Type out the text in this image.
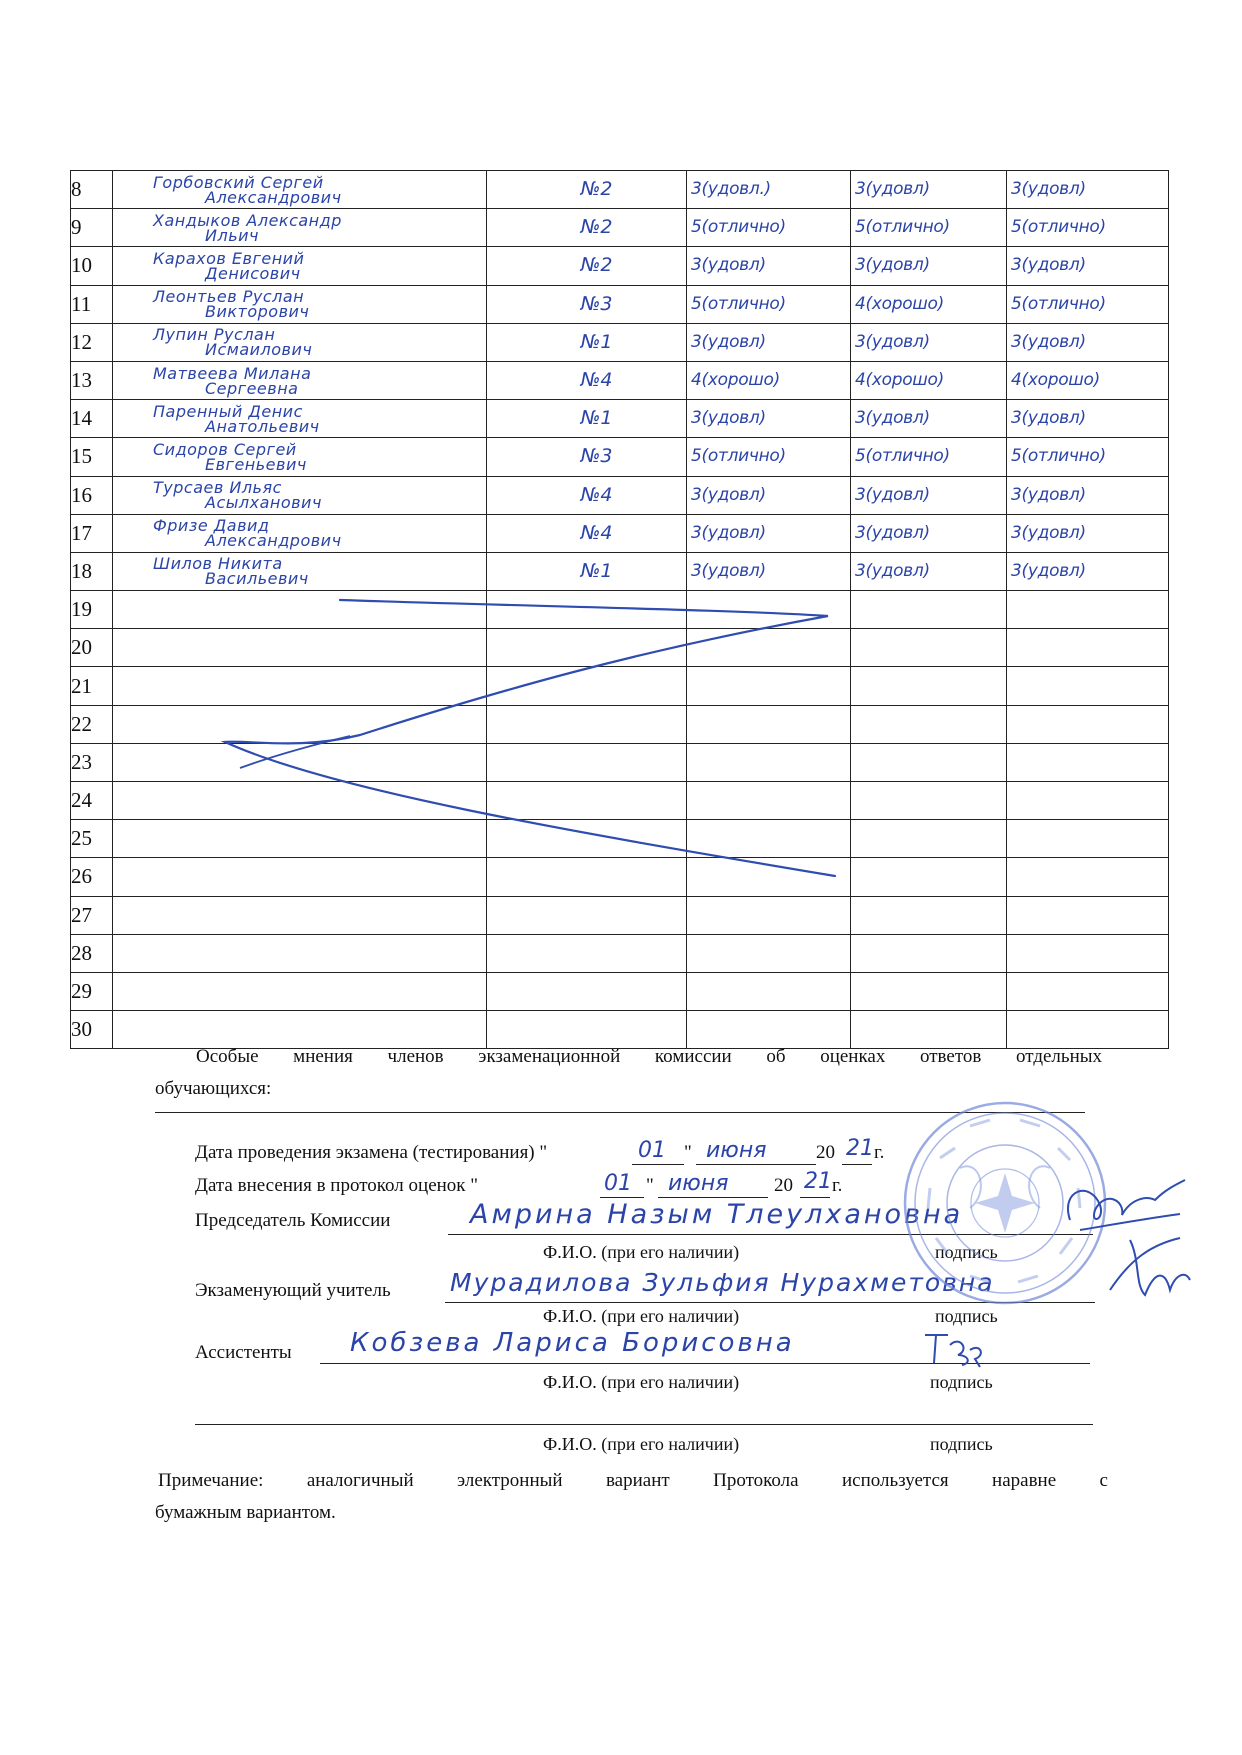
8	Горбовский Сергей
Александрович	№2	3(удовл.)	3(удовл)	3(удовл)

9	Хандыков Александр
Ильич	№2	5(отлично)	5(отлично)	5(отлично)

10	Карахов Евгений
Денисович	№2	3(удовл)	3(удовл)	3(удовл)

11	Леонтьев Руслан
Викторович	№3	5(отлично)	4(хорошо)	5(отлично)

12	Лупин Руслан
Исмаилович	№1	3(удовл)	3(удовл)	3(удовл)

13	Матвеева Милана
Сергеевна	№4	4(хорошо)	4(хорошо)	4(хорошо)

14	Паренный Денис
Анатольевич	№1	3(удовл)	3(удовл)	3(удовл)

15	Сидоров Сергей
Евгеньевич	№3	5(отлично)	5(отлично)	5(отлично)

16	Турсаев Ильяс
Асылханович	№4	3(удовл)	3(удовл)	3(удовл)

17	Фризе Давид
Александрович	№4	3(удовл)	3(удовл)	3(удовл)

18	Шилов Никита
Васильевич	№1	3(удовл)	3(удовл)	3(удовл)

19	

20	

21	

22	

23	

24	

25	

26	

27	

28	

29	

30	

Особые мнения членов экзаменационной комиссии об оценках ответов отдельных
обучающихся:
Дата проведения экзамена (тестирования) "	01 " июня	20 21 г.
Дата внесения в протокол оценок "	01 " июня 20 21 г.
Председатель Комиссии	Амрина Назым Тлеулхановна
Ф.И.О. (при его наличии)	подпись
Экзаменующий учитель Мурадилова Зульфия Нурахметовна
Ф.И.О. (при его наличии)	подпись
Ассистенты Кобзева Лариса Борисовна
Ф.И.О. (при его наличии)	подпись
Ф.И.О. (при его наличии)	подпись
Примечание: аналогичный электронный вариант Протокола используется наравне с
бумажным вариантом.
